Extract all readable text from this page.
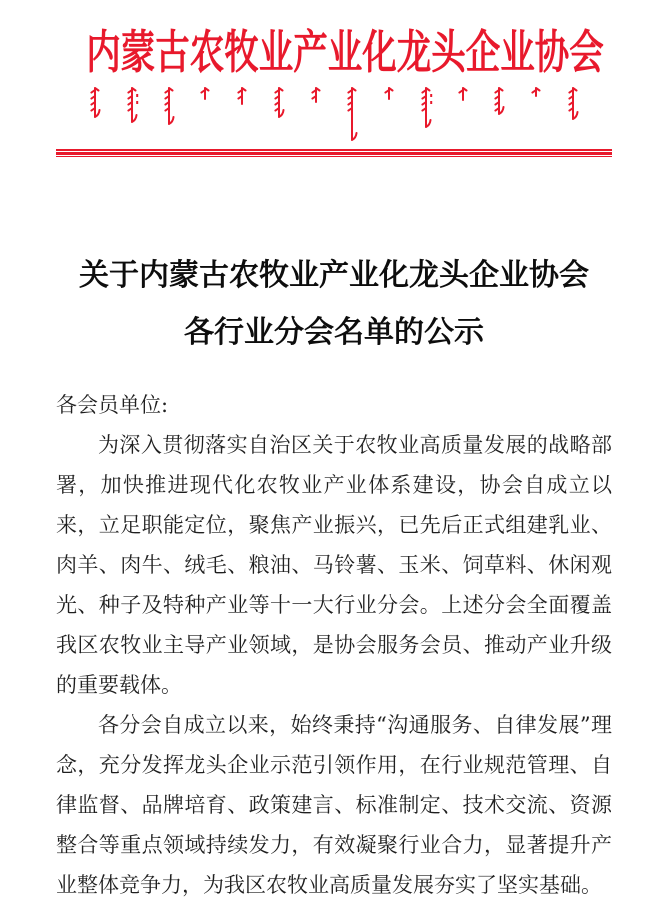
内蒙古农牧业产业化龙头企业协会
关于内蒙古农牧业产业化龙头企业协会
各行业分会名单的公示

各会员单位:

为深入贯彻落实自治区关于农牧业高质量发展的战略部署，加快推进现代化农牧业产业体系建设，协会自成立以来，立足职能定位，聚焦产业振兴，已先后正式组建乳业、肉羊、肉牛、绒毛、粮油、马铃薯、玉米、饲草料、休闲观光、种子及特种产业等十一大行业分会。上述分会全面覆盖我区农牧业主导产业领域，是协会服务会员、推动产业升级的重要载体。

各分会自成立以来，始终秉持“沟通服务、自律发展”理念，充分发挥龙头企业示范引领作用，在行业规范管理、自律监督、品牌培育、政策建言、标准制定、技术交流、资源整合等重点领域持续发力，有效凝聚行业合力，显著提升产业整体竞争力，为我区农牧业高质量发展夯实了坚实基础。
